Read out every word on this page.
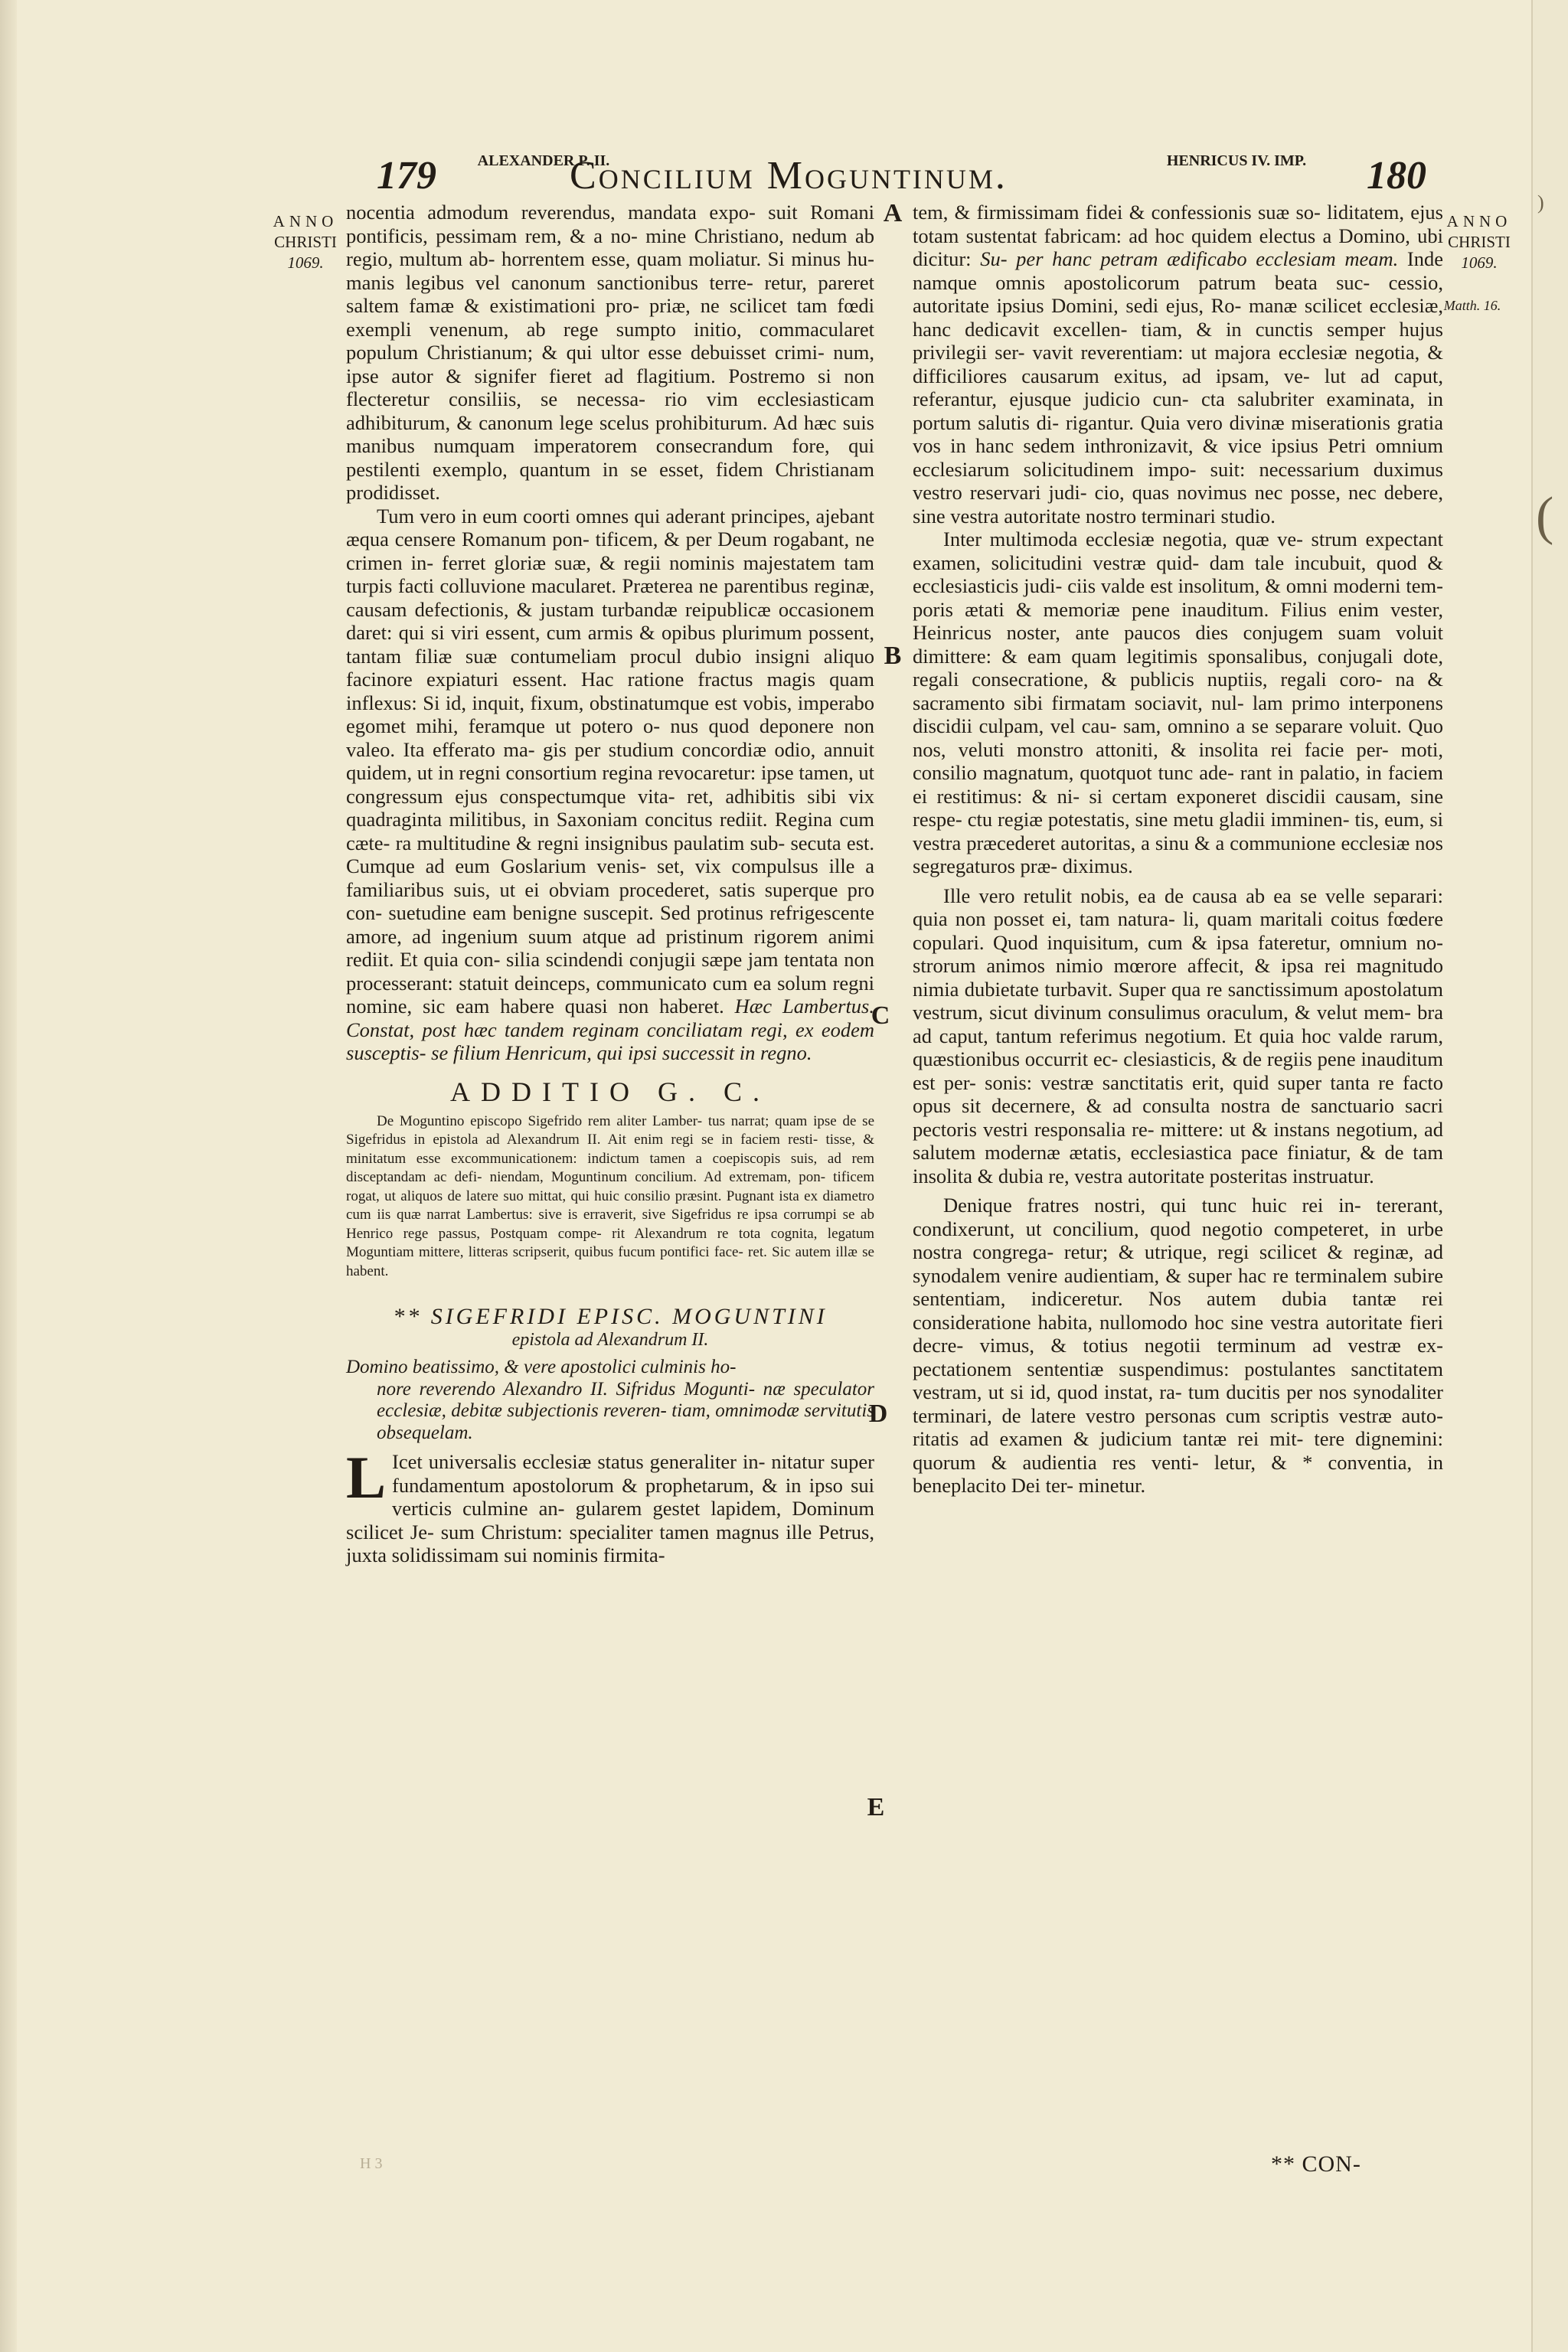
)
(
179	ALEXANDER P. II.
Concilium Moguntinum.	HENRICUS IV. IMP. 180
ANNO
CHRISTI
1069.
ANNO
CHRISTI
1069.
Matth. 16.
A
B
C
D
E

nocentia admodum reverendus, mandata expo- suit Romani pontificis, pessimam rem, & a no- mine Christiano, nedum ab regio, multum ab- horrentem esse, quam moliatur. Si minus hu- manis legibus vel canonum sanctionibus terre- retur, pareret saltem famæ & existimationi pro- priæ, ne scilicet tam fœdi exempli venenum, ab rege sumpto initio, commacularet populum Christianum; & qui ultor esse debuisset crimi- num, ipse autor & signifer fieret ad flagitium. Postremo si non flecteretur consiliis, se necessa- rio vim ecclesiasticam adhibiturum, & canonum lege scelus prohibiturum. Ad hæc suis manibus numquam imperatorem consecrandum fore, qui pestilenti exemplo, quantum in se esset, fidem Christianam prodidisset.

Tum vero in eum coorti omnes qui aderant principes, ajebant æqua censere Romanum pon- tificem, & per Deum rogabant, ne crimen in- ferret gloriæ suæ, & regii nominis majestatem tam turpis facti colluvione macularet. Præterea ne parentibus reginæ, causam defectionis, & justam turbandæ reipublicæ occasionem daret: qui si viri essent, cum armis & opibus plurimum possent, tantam filiæ suæ contumeliam procul dubio insigni aliquo facinore expiaturi essent. Hac ratione fractus magis quam inflexus: Si id, inquit, fixum, obstinatumque est vobis, imperabo egomet mihi, feramque ut potero o- nus quod deponere non valeo. Ita efferato ma- gis per studium concordiæ odio, annuit quidem, ut in regni consortium regina revocaretur: ipse tamen, ut congressum ejus conspectumque vita- ret, adhibitis sibi vix quadraginta militibus, in Saxoniam concitus rediit. Regina cum cæte- ra multitudine & regni insignibus paulatim sub- secuta est. Cumque ad eum Goslarium venis- set, vix compulsus ille a familiaribus suis, ut ei obviam procederet, satis superque pro con- suetudine eam benigne suscepit. Sed protinus refrigescente amore, ad ingenium suum atque ad pristinum rigorem animi rediit. Et quia con- silia scindendi conjugii sæpe jam tentata non processerant: statuit deinceps, communicato cum ea solum regni nomine, sic eam habere quasi non haberet. Hæc Lambertus. Constat, post hæc tandem reginam conciliatam regi, ex eodem susceptis- se filium Henricum, qui ipsi successit in regno.

ADDITIO G. C.

De Moguntino episcopo Sigefrido rem aliter Lamber- tus narrat; quam ipse de se Sigefridus in epistola ad Alexandrum II. Ait enim regi se in faciem resti- tisse, & minitatum esse excommunicationem: indictum tamen a coepiscopis suis, ad rem disceptandam ac defi- niendam, Moguntinum concilium. Ad extremam, pon- tificem rogat, ut aliquos de latere suo mittat, qui huic consilio præsint. Pugnant ista ex diametro cum iis quæ narrat Lambertus: sive is erraverit, sive Sigefridus re ipsa corrumpi se ab Henrico rege passus, Postquam compe- rit Alexandrum re tota cognita, legatum Moguntiam mittere, litteras scripserit, quibus fucum pontifici face- ret. Sic autem illæ se habent.

** SIGEFRIDI EPISC. MOGUNTINI

epistola ad Alexandrum II.

Domino beatissimo, & vere apostolici culminis ho-
nore reverendo Alexandro II. Sifridus Mogunti- næ speculator ecclesiæ, debitæ subjectionis reveren- tiam, omnimodæ servitutis obsequelam.

L Icet universalis ecclesiæ status generaliter in- nitatur super fundamentum apostolorum & prophetarum, & in ipso sui verticis culmine an- gularem gestet lapidem, Dominum scilicet Je- sum Christum: specialiter tamen magnus ille Petrus, juxta solidissimam sui nominis firmita-

tem, & firmissimam fidei & confessionis suæ so- liditatem, ejus totam sustentat fabricam: ad hoc quidem electus a Domino, ubi dicitur: Su- per hanc petram ædificabo ecclesiam meam. Inde namque omnis apostolicorum patrum beata suc- cessio, autoritate ipsius Domini, sedi ejus, Ro- manæ scilicet ecclesiæ, hanc dedicavit excellen- tiam, & in cunctis semper hujus privilegii ser- vavit reverentiam: ut majora ecclesiæ negotia, & difficiliores causarum exitus, ad ipsam, ve- lut ad caput, referantur, ejusque judicio cun- cta salubriter examinata, in portum salutis di- rigantur. Quia vero divinæ miserationis gratia vos in hanc sedem inthronizavit, & vice ipsius Petri omnium ecclesiarum solicitudinem impo- suit: necessarium duximus vestro reservari judi- cio, quas novimus nec posse, nec debere, sine vestra autoritate nostro terminari studio.

Inter multimoda ecclesiæ negotia, quæ ve- strum expectant examen, solicitudini vestræ quid- dam tale incubuit, quod & ecclesiasticis judi- ciis valde est insolitum, & omni moderni tem- poris ætati & memoriæ pene inauditum. Filius enim vester, Heinricus noster, ante paucos dies conjugem suam voluit dimittere: & eam quam legitimis sponsalibus, conjugali dote, regali consecratione, & publicis nuptiis, regali coro- na & sacramento sibi firmatam sociavit, nul- lam primo interponens discidii culpam, vel cau- sam, omnino a se separare voluit. Quo nos, veluti monstro attoniti, & insolita rei facie per- moti, consilio magnatum, quotquot tunc ade- rant in palatio, in faciem ei restitimus: & ni- si certam exponeret discidii causam, sine respe- ctu regiæ potestatis, sine metu gladii imminen- tis, eum, si vestra præcederet autoritas, a sinu & a communione ecclesiæ nos segregaturos præ- diximus.

Ille vero retulit nobis, ea de causa ab ea se velle separari: quia non posset ei, tam natura- li, quam maritali coitus fœdere copulari. Quod inquisitum, cum & ipsa fateretur, omnium no- strorum animos nimio mœrore affecit, & ipsa rei magnitudo nimia dubietate turbavit. Super qua re sanctissimum apostolatum vestrum, sicut divinum consulimus oraculum, & velut mem- bra ad caput, tantum referimus negotium. Et quia hoc valde rarum, quæstionibus occurrit ec- clesiasticis, & de regiis pene inauditum est per- sonis: vestræ sanctitatis erit, quid super tanta re facto opus sit decernere, & ad consulta nostra de sanctuario sacri pectoris vestri responsalia re- mittere: ut & instans negotium, ad salutem modernæ ætatis, ecclesiastica pace finiatur, & de tam insolita & dubia re, vestra autoritate posteritas instruatur.

Denique fratres nostri, qui tunc huic rei in- tererant, condixerunt, ut concilium, quod negotio competeret, in urbe nostra congrega- retur; & utrique, regi scilicet & reginæ, ad synodalem venire audientiam, & super hac re terminalem subire sententiam, indiceretur. Nos autem dubia tantæ rei consideratione habita, nullomodo hoc sine vestra autoritate fieri decre- vimus, & totius negotii terminum ad vestræ ex- pectationem sententiæ suspendimus: postulantes sanctitatem vestram, ut si id, quod instat, ra- tum ducitis per nos synodaliter terminari, de latere vestro personas cum scriptis vestræ auto- ritatis ad examen & judicium tantæ rei mit- tere dignemini: quorum & audientia res venti- letur, & * conventia, in beneplacito Dei ter- minetur.

H 3	** CON-
